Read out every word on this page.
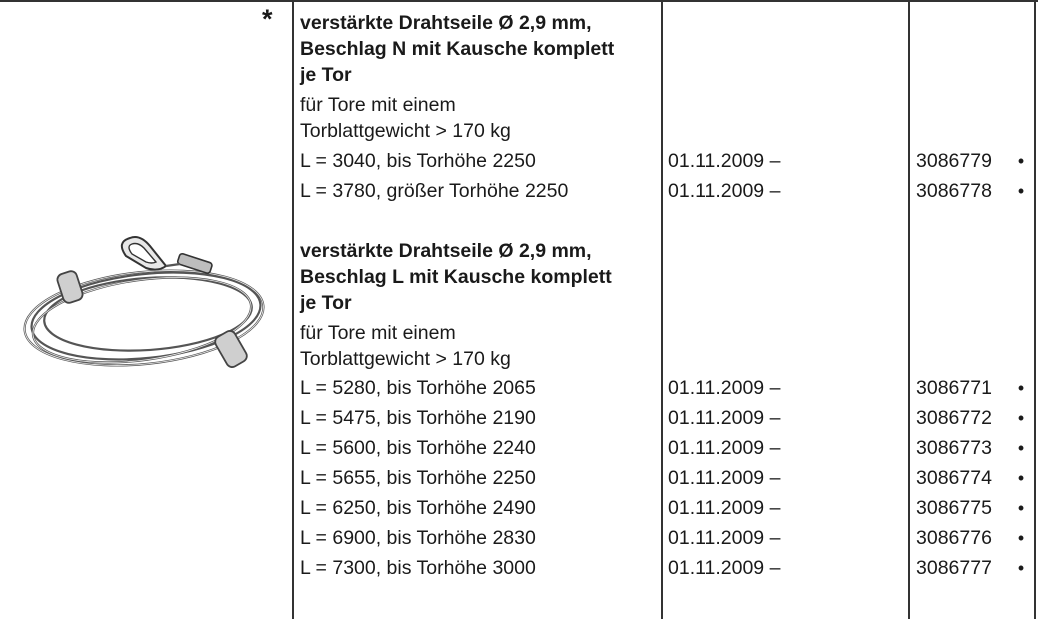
* verstärkte Drahtseile Ø 2,9 mm,
Beschlag N mit Kausche komplett
je Tor
für Tore mit einem
Torblattgewicht > 170 kg
L = 3040, bis Torhöhe 2250	01.11.2009 –	3086779	•
L = 3780, größer Torhöhe 2250	01.11.2009 –	3086778	•
verstärkte Drahtseile Ø 2,9 mm,
Beschlag L mit Kausche komplett
je Tor
für Tore mit einem
Torblattgewicht > 170 kg
L = 5280, bis Torhöhe 2065	01.11.2009 –	3086771	•
L = 5475, bis Torhöhe 2190	01.11.2009 –	3086772	•
L = 5600, bis Torhöhe 2240	01.11.2009 –	3086773	•
L = 5655, bis Torhöhe 2250	01.11.2009 –	3086774	•
L = 6250, bis Torhöhe 2490	01.11.2009 –	3086775	•
L = 6900, bis Torhöhe 2830	01.11.2009 –	3086776	•
L = 7300, bis Torhöhe 3000	01.11.2009 –	3086777	•
